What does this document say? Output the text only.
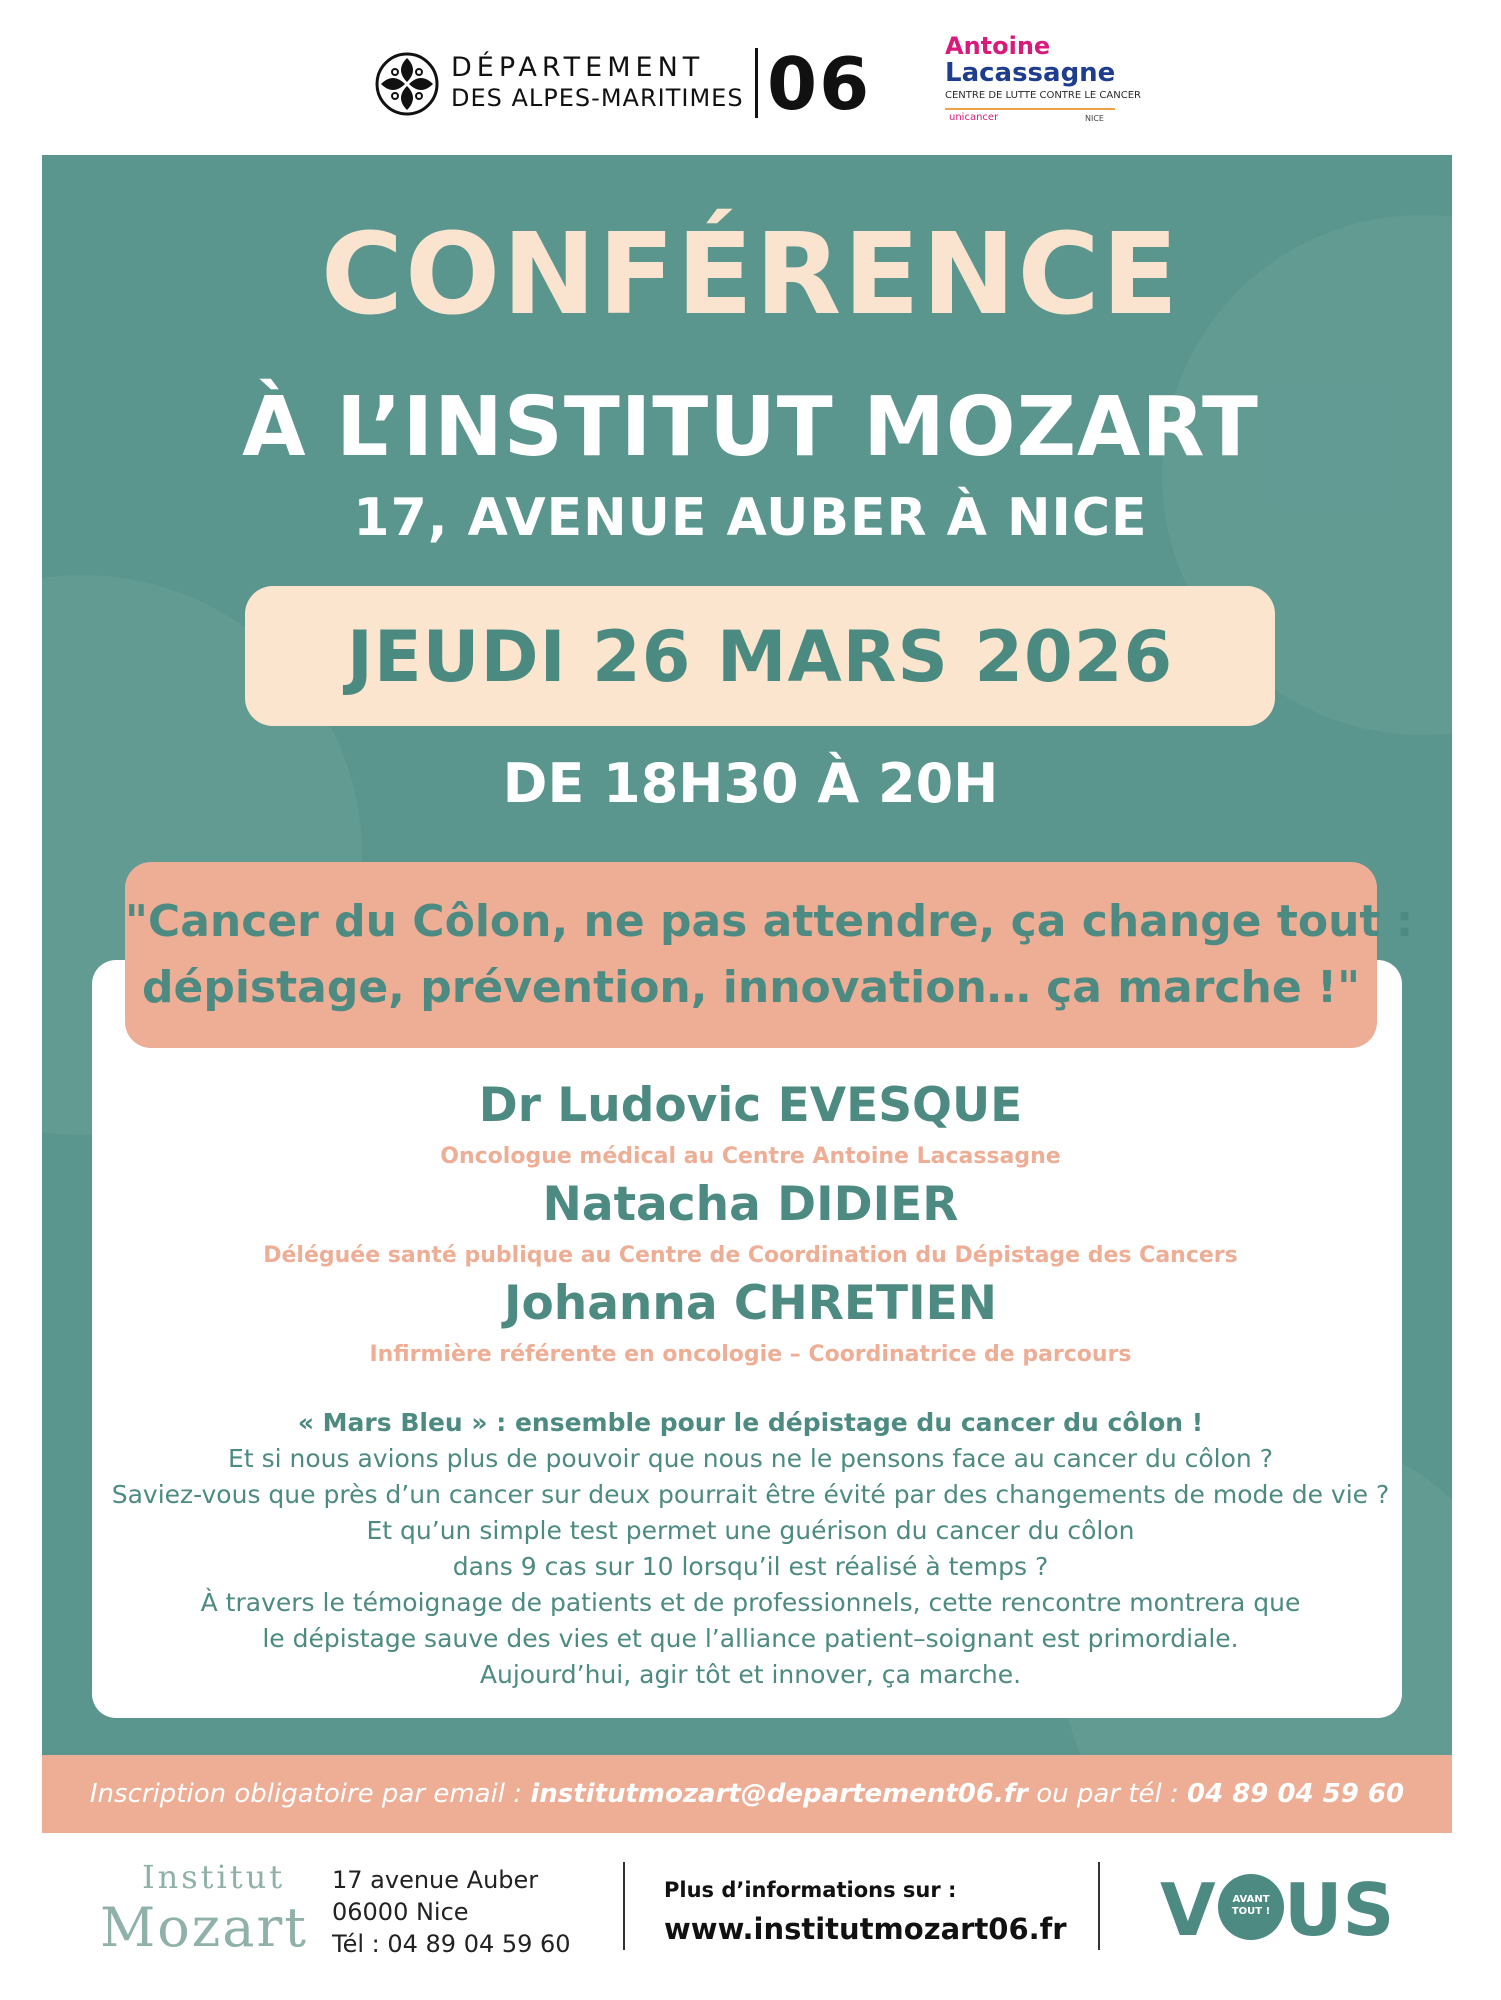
DÉPARTEMENT
DES ALPES-MARITIMES 06	Antoine
Lacassagne
CENTRE DE LUTTE CONTRE LE CANCER
unicancer	NICE
CONFÉRENCE
À L’INSTITUT MOZART
17, AVENUE AUBER À NICE
JEUDI 26 MARS 2026
DE 18H30 À 20H
"Cancer du Côlon, ne pas attendre, ça change tout :
dépistage, prévention, innovation… ça marche !"
Dr Ludovic EVESQUE
Oncologue médical au Centre Antoine Lacassagne
Natacha DIDIER
Déléguée santé publique au Centre de Coordination du Dépistage des Cancers
Johanna CHRETIEN
Infirmière référente en oncologie – Coordinatrice de parcours
« Mars Bleu » : ensemble pour le dépistage du cancer du côlon !
Et si nous avions plus de pouvoir que nous ne le pensons face au cancer du côlon ?
Saviez-vous que près d’un cancer sur deux pourrait être évité par des changements de mode de vie ?
Et qu’un simple test permet une guérison du cancer du côlon
dans 9 cas sur 10 lorsqu’il est réalisé à temps ?
À travers le témoignage de patients et de professionnels, cette rencontre montrera que
le dépistage sauve des vies et que l’alliance patient–soignant est primordiale.
Aujourd’hui, agir tôt et innover, ça marche.
Inscription obligatoire par email : institutmozart@departement06.fr ou par tél : 04 89 04 59 60
Institut
Mozart
17 avenue Auber
06000 Nice
Tél : 04 89 04 59 60
Plus d’informations sur :
www.institutmozart06.fr V	AVANT
TOUT ! US
